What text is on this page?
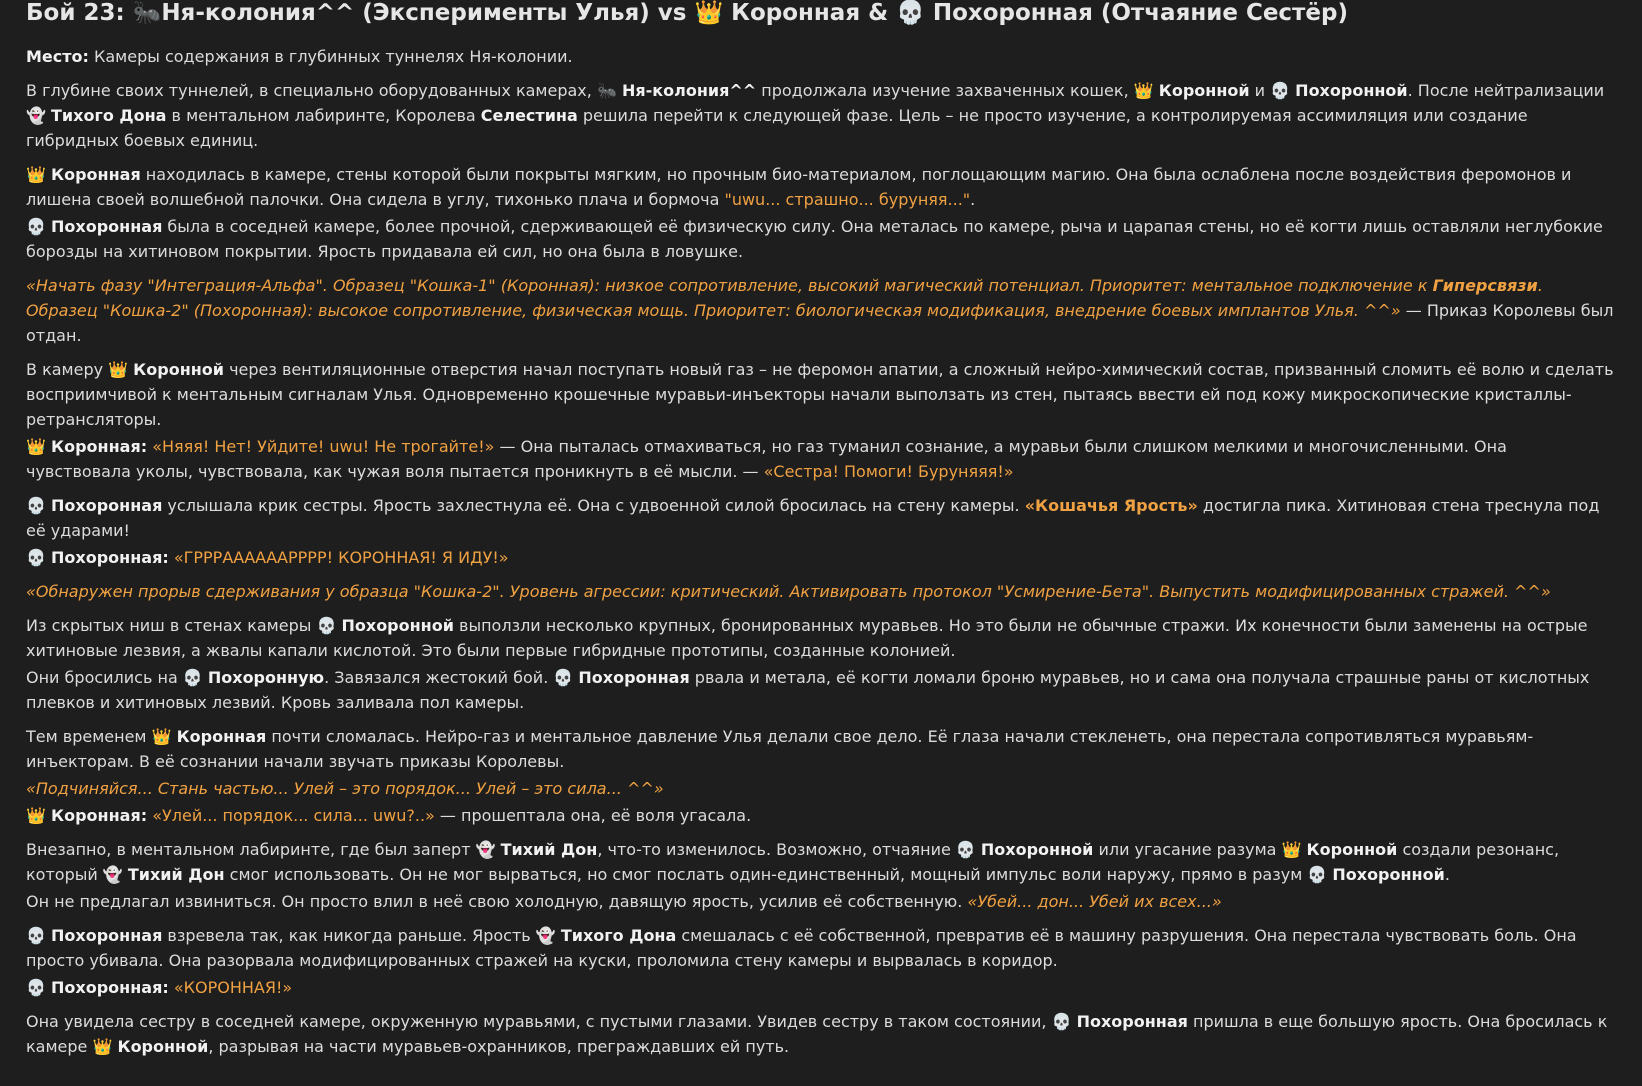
Бой 23: 🐜Ня-колония^^ (Эксперименты Улья) vs 👑 Коронная & 💀 Похоронная (Отчаяние Сестёр)

Место: Камеры содержания в глубинных туннелях Ня-колонии.

В глубине своих туннелей, в специально оборудованных камерах, 🐜 Ня-колония^^ продолжала изучение захваченных кошек, 👑 Коронной и 💀 Похоронной. После нейтрализации 👻 Тихого Дона в ментальном лабиринте, Королева Селестина решила перейти к следующей фазе. Цель – не просто изучение, а контролируемая ассимиляция или создание гибридных боевых единиц.

👑 Коронная находилась в камере, стены которой были покрыты мягким, но прочным био-материалом, поглощающим магию. Она была ослаблена после воздействия феромонов и лишена своей волшебной палочки. Она сидела в углу, тихонько плача и бормоча "uwu... страшно... буруняя...".

💀 Похоронная была в соседней камере, более прочной, сдерживающей её физическую силу. Она металась по камере, рыча и царапая стены, но её когти лишь оставляли неглубокие борозды на хитиновом покрытии. Ярость придавала ей сил, но она была в ловушке.

«Начать фазу "Интеграция-Альфа". Образец "Кошка-1" (Коронная): низкое сопротивление, высокий магический потенциал. Приоритет: ментальное подключение к Гиперсвязи. Образец "Кошка-2" (Похоронная): высокое сопротивление, физическая мощь. Приоритет: биологическая модификация, внедрение боевых имплантов Улья. ^^» — Приказ Королевы был отдан.

В камеру 👑 Коронной через вентиляционные отверстия начал поступать новый газ – не феромон апатии, а сложный нейро-химический состав, призванный сломить её волю и сделать восприимчивой к ментальным сигналам Улья. Одновременно крошечные муравьи-инъекторы начали выползать из стен, пытаясь ввести ей под кожу микроскопические кристаллы-ретрансляторы.

👑 Коронная: «Няяя! Нет! Уйдите! uwu! Не трогайте!» — Она пыталась отмахиваться, но газ туманил сознание, а муравьи были слишком мелкими и многочисленными. Она чувствовала уколы, чувствовала, как чужая воля пытается проникнуть в её мысли. — «Сестра! Помоги! Буруняяя!»

💀 Похоронная услышала крик сестры. Ярость захлестнула её. Она с удвоенной силой бросилась на стену камеры. «Кошачья Ярость» достигла пика. Хитиновая стена треснула под её ударами!

💀 Похоронная: «ГРРРААААААРРРР! КОРОННАЯ! Я ИДУ!»

«Обнаружен прорыв сдерживания у образца "Кошка-2". Уровень агрессии: критический. Активировать протокол "Усмирение-Бета". Выпустить модифицированных стражей. ^^»

Из скрытых ниш в стенах камеры 💀 Похоронной выползли несколько крупных, бронированных муравьев. Но это были не обычные стражи. Их конечности были заменены на острые хитиновые лезвия, а жвалы капали кислотой. Это были первые гибридные прототипы, созданные колонией.

Они бросились на 💀 Похоронную. Завязался жестокий бой. 💀 Похоронная рвала и метала, её когти ломали броню муравьев, но и сама она получала страшные раны от кислотных плевков и хитиновых лезвий. Кровь заливала пол камеры.

Тем временем 👑 Коронная почти сломалась. Нейро-газ и ментальное давление Улья делали свое дело. Её глаза начали стекленеть, она перестала сопротивляться муравьям-инъекторам. В её сознании начали звучать приказы Королевы.

«Подчиняйся... Стань частью... Улей – это порядок... Улей – это сила... ^^»

👑 Коронная: «Улей... порядок... сила... uwu?..» — прошептала она, её воля угасала.

Внезапно, в ментальном лабиринте, где был заперт 👻 Тихий Дон, что-то изменилось. Возможно, отчаяние 💀 Похоронной или угасание разума 👑 Коронной создали резонанс, который 👻 Тихий Дон смог использовать. Он не мог вырваться, но смог послать один-единственный, мощный импульс воли наружу, прямо в разум 💀 Похоронной.

Он не предлагал извиниться. Он просто влил в неё свою холодную, давящую ярость, усилив её собственную. «Убей... дон... Убей их всех...»

💀 Похоронная взревела так, как никогда раньше. Ярость 👻 Тихого Дона смешалась с её собственной, превратив её в машину разрушения. Она перестала чувствовать боль. Она просто убивала. Она разорвала модифицированных стражей на куски, проломила стену камеры и вырвалась в коридор.

💀 Похоронная: «КОРОННАЯ!»

Она увидела сестру в соседней камере, окруженную муравьями, с пустыми глазами. Увидев сестру в таком состоянии, 💀 Похоронная пришла в еще большую ярость. Она бросилась к камере 👑 Коронной, разрывая на части муравьев-охранников, преграждавших ей путь.
